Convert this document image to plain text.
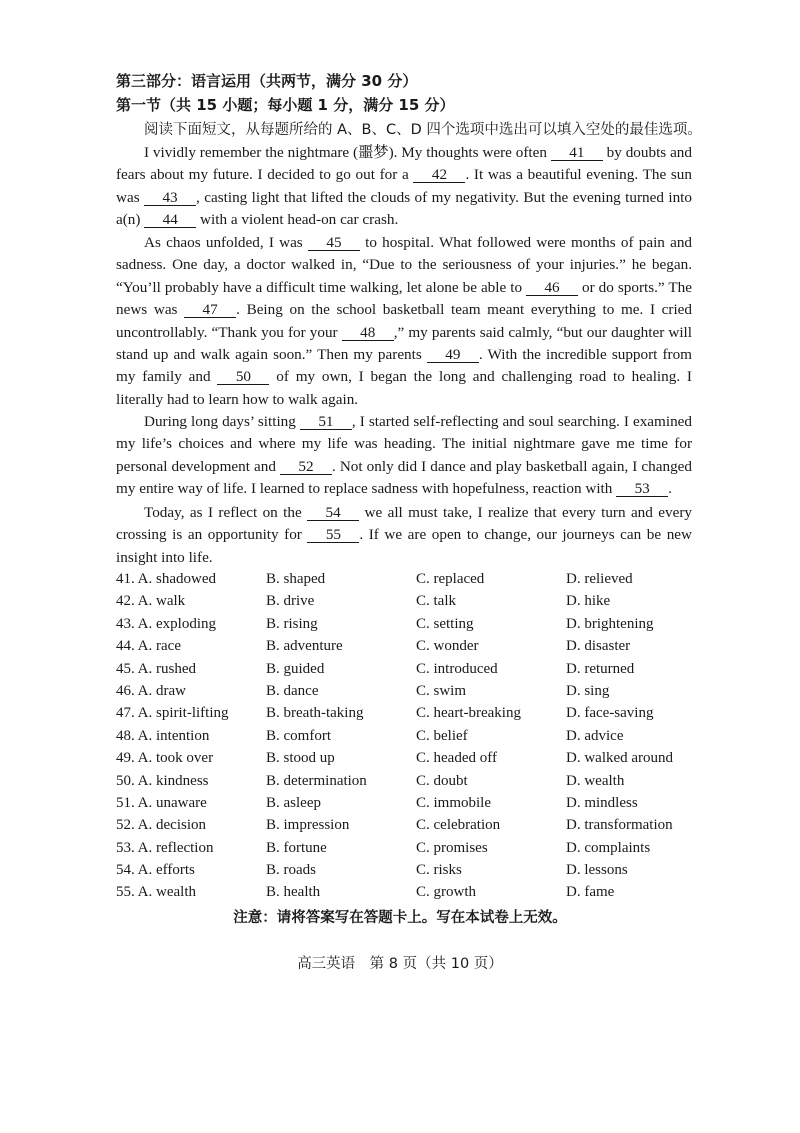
第三部分：语言运用（共两节，满分 30 分）
第一节（共 15 小题；每小题 1 分，满分 15 分）
阅读下面短文，从每题所给的 A、B、C、D 四个选项中选出可以填入空处的最佳选项。

I vividly remember the nightmare (噩梦). My thoughts were often 41 by doubts and fears about my future. I decided to go out for a 42 . It was a beautiful evening. The sun was 43 , casting light that lifted the clouds of my negativity. But the evening turned into a(n) 44 with a violent head-on car crash.

As chaos unfolded, I was 45 to hospital. What followed were months of pain and sadness. One day, a doctor walked in, “Due to the seriousness of your injuries.” he began. “You’ll probably have a difficult time walking, let alone be able to 46 or do sports.” The news was 47 . Being on the school basketball team meant everything to me. I cried uncontrollably. “Thank you for your 48 ,” my parents said calmly, “but our daughter will stand up and walk again soon.” Then my parents 49 . With the incredible support from my family and 50 of my own, I began the long and challenging road to healing. I literally had to learn how to walk again.

During long days’ sitting 51 , I started self-reflecting and soul searching. I examined my life’s choices and where my life was heading. The initial nightmare gave me time for personal development and 52 . Not only did I dance and play basketball again, I changed my entire way of life. I learned to replace sadness with hopefulness, reaction with 53 .

Today, as I reflect on the 54 we all must take, I realize that every turn and every crossing is an opportunity for 55 . If we are open to change, our journeys can be new insight into life.

41. A. shadowed	B. shaped	C. replaced	D. relieved
42. A. walk	B. drive	C. talk	D. hike
43. A. exploding	B. rising	C. setting	D. brightening
44. A. race	B. adventure	C. wonder	D. disaster
45. A. rushed	B. guided	C. introduced	D. returned
46. A. draw	B. dance	C. swim	D. sing
47. A. spirit-lifting	B. breath-taking	C. heart-breaking	D. face-saving
48. A. intention	B. comfort	C. belief	D. advice
49. A. took over	B. stood up	C. headed off	D. walked around
50. A. kindness	B. determination	C. doubt	D. wealth
51. A. unaware	B. asleep	C. immobile	D. mindless
52. A. decision	B. impression	C. celebration	D. transformation
53. A. reflection	B. fortune	C. promises	D. complaints
54. A. efforts	B. roads	C. risks	D. lessons
55. A. wealth	B. health	C. growth	D. fame
注意：请将答案写在答题卡上。写在本试卷上无效。
高三英语　第 8 页（共 10 页）
